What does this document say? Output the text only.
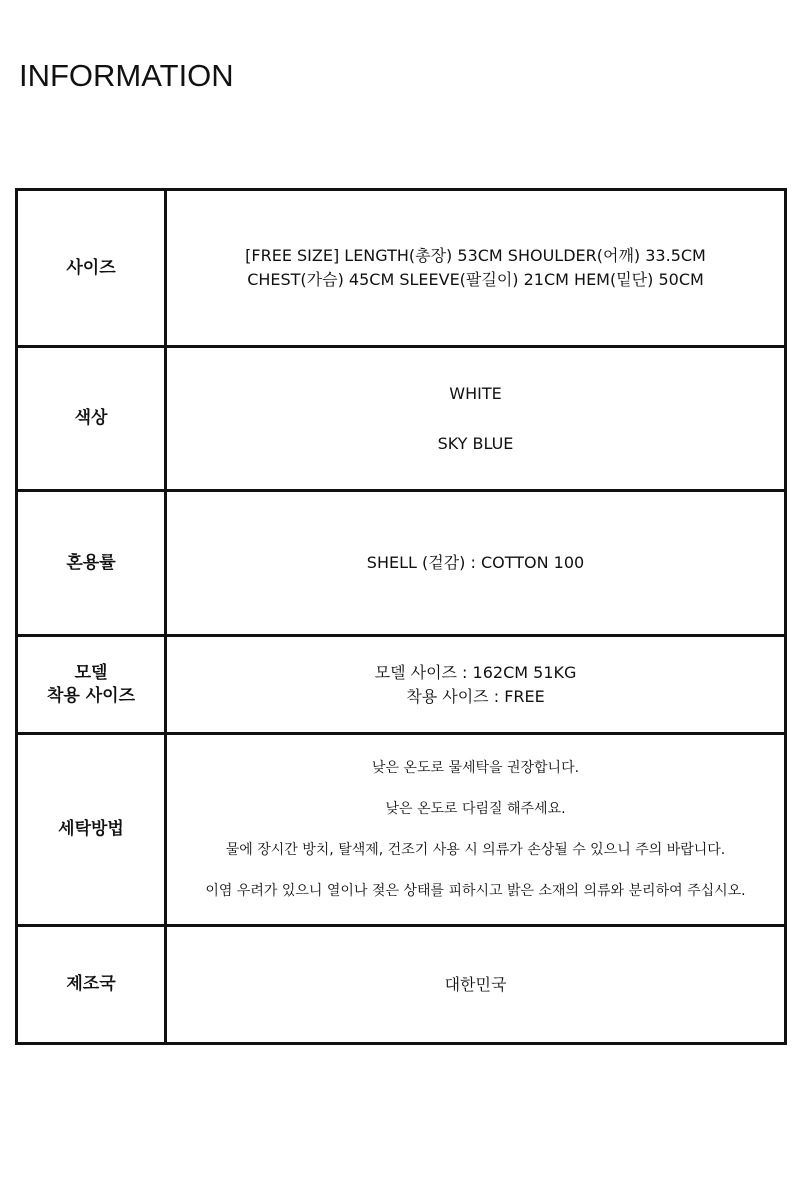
INFORMATION
사이즈	[FREE SIZE] LENGTH(총장) 53CM SHOULDER(어깨) 33.5CM
CHEST(가슴) 45CM SLEEVE(팔길이) 21CM HEM(밑단) 50CM

색상	WHITE
SKY BLUE

혼용률	SHELL (겉감) : COTTON 100

모델
착용 사이즈	모델 사이즈 : 162CM 51KG
착용 사이즈 : FREE

세탁방법	낮은 온도로 물세탁을 권장합니다.
낮은 온도로 다림질 해주세요.
물에 장시간 방치, 탈색제, 건조기 사용 시 의류가 손상될 수 있으니 주의 바랍니다.
이염 우려가 있으니 열이나 젖은 상태를 피하시고 밝은 소재의 의류와 분리하여 주십시오.

제조국	대한민국
